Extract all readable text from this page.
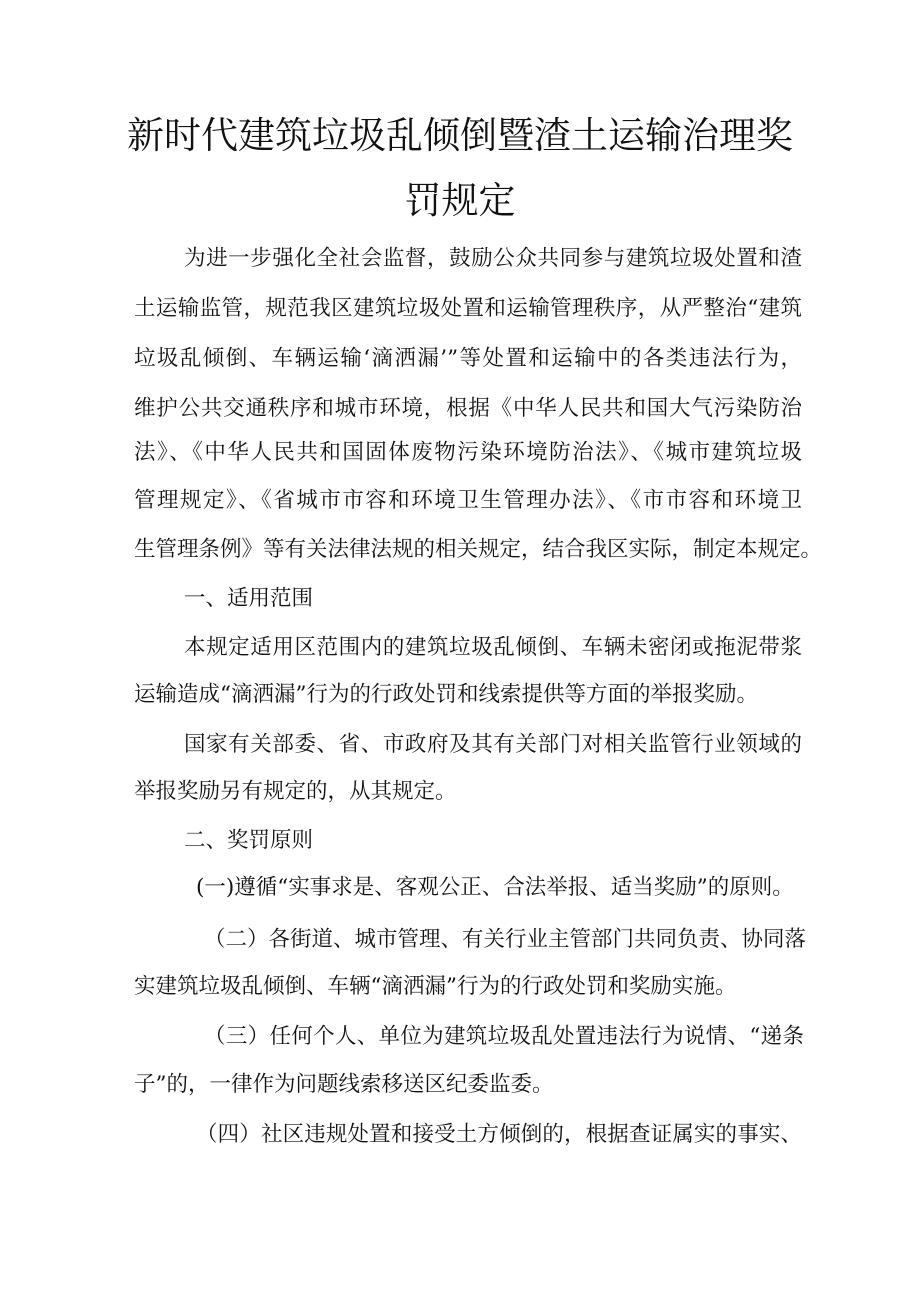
新时代建筑垃圾乱倾倒暨渣土运输治理奖
罚规定

为进一步强化全社会监督，鼓励公众共同参与建筑垃圾处置和渣

土运输监管，规范我区建筑垃圾处置和运输管理秩序，从严整治“建筑

垃圾乱倾倒、车辆运输‘滴洒漏’”等处置和运输中的各类违法行为，

维护公共交通秩序和城市环境，根据《中华人民共和国大气污染防治

法》、《中华人民共和国固体废物污染环境防治法》、《城市建筑垃圾

管理规定》、《省城市市容和环境卫生管理办法》、《市市容和环境卫

生管理条例》等有关法律法规的相关规定，结合我区实际，制定本规定。

一、适用范围

本规定适用区范围内的建筑垃圾乱倾倒、车辆未密闭或拖泥带浆

运输造成“滴洒漏”行为的行政处罚和线索提供等方面的举报奖励。

国家有关部委、省、市政府及其有关部门对相关监管行业领域的

举报奖励另有规定的，从其规定。

二、奖罚原则

(一)遵循“实事求是、客观公正、合法举报、适当奖励”的原则。

（二）各街道、城市管理、有关行业主管部门共同负责、协同落

实建筑垃圾乱倾倒、车辆“滴洒漏”行为的行政处罚和奖励实施。

（三）任何个人、单位为建筑垃圾乱处置违法行为说情、“递条

子”的，一律作为问题线索移送区纪委监委。

（四）社区违规处置和接受土方倾倒的，根据查证属实的事实、
